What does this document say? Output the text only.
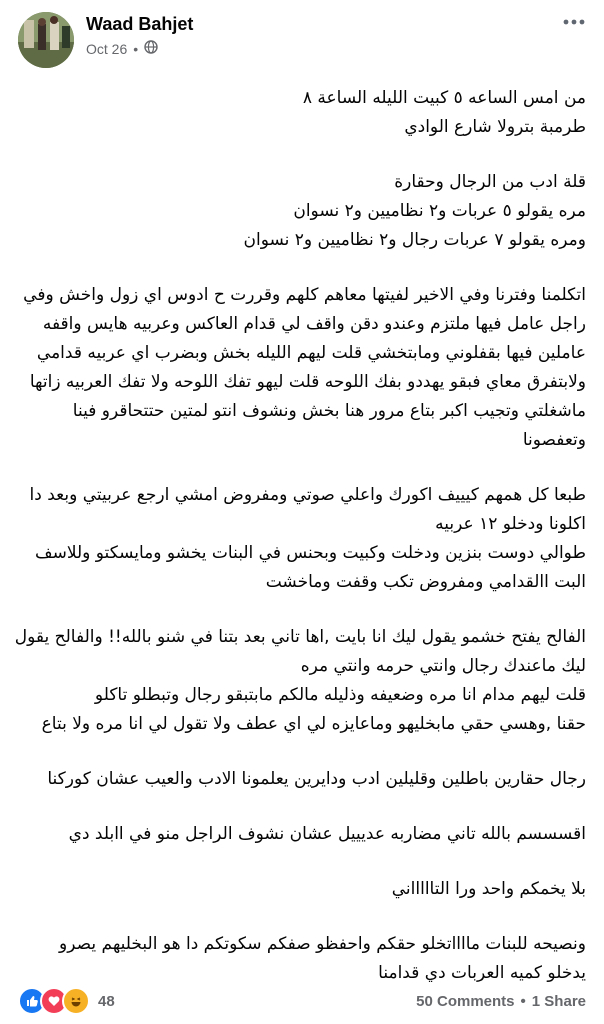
Waad Bahjet
Oct 26 •
من امس الساعه ٥ كبيت الليله الساعة ٨
طرمبة بترولا شارع الوادي
قلة ادب من الرجال وحقارة
مره يقولو ٥ عربات و٢ نظاميين و٢ نسوان
ومره يقولو ٧ عربات رجال و٢ نظاميين و٢ نسوان
اتكلمنا وفترنا وفي الاخير لفيتها معاهم كلهم وقررت ح ادوس اي زول واخش وفي
راجل عامل فيها ملتزم وعندو دقن واقف لي قدام العاكس وعربيه هايس واقفه
عاملين فيها بقفلوني ومابتخشي قلت ليهم الليله بخش وبضرب اي عربيه قدامي
ولابتفرق معاي فبقو يهددو بفك اللوحه قلت ليهو تفك اللوحه ولا تفك العربيه زاتها
ماشغلتي وتجيب اكبر بتاع مرور هنا بخش ونشوف انتو لمتين حتتحاقرو فينا
وتعفصونا
طبعا كل همهم كيييف اكورك واعلي صوتي ومفروض امشي ارجع عربيتي وبعد دا
اكلونا ودخلو ١٢ عربيه
طوالي دوست بنزين ودخلت وكبيت وبحنس في البنات يخشو ومايسكتو وللاسف
البت االقدامي ومفروض تكب وقفت وماخشت
الفالح يفتح خشمو يقول ليك انا بايت ,اها تاني بعد بتنا في شنو بالله!! والفالح يقول
ليك ماعندك رجال وانتي حرمه وانتي مره
قلت ليهم مدام انا مره وضعيفه وذليله مالكم مابتبقو رجال وتبطلو تاكلو
حقنا ,وهسي حقي مابخليهو وماعايزه لي اي عطف ولا تقول لي انا مره ولا بتاع
رجال حقارين باطلين وقليلين ادب ودايرين يعلمونا الادب والعيب عشان كوركنا
اقسسسم بالله تاني مضاربه عديييل عشان نشوف الراجل منو في اابلد دي
بلا يخمكم واحد ورا التاااااني
ونصيحه للبنات مااااتخلو حقكم واحفظو صفكم سكوتكم دا هو البخليهم يصرو
يدخلو كميه العربات دي قدامنا
48	50 Comments • 1 Share
